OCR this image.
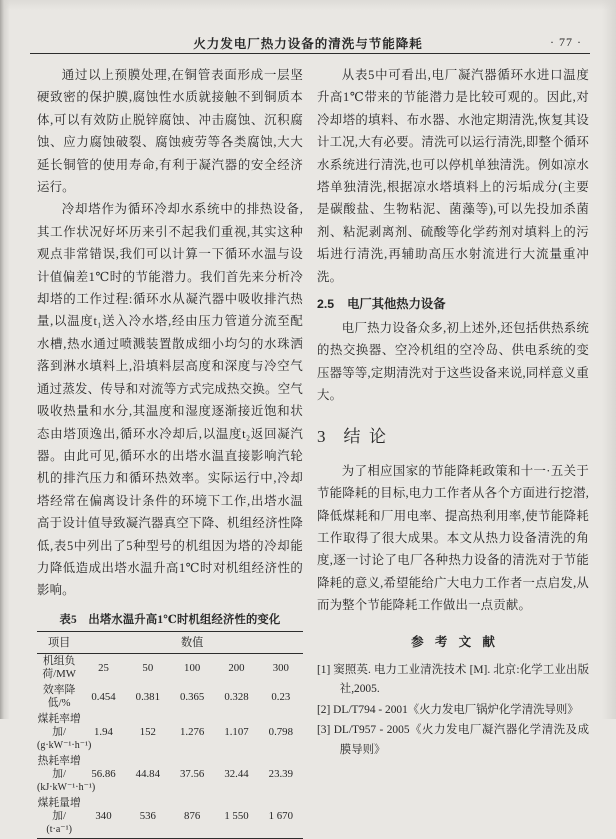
火力发电厂热力设备的清洗与节能降耗	· 77 ·

通过以上预膜处理,在铜管表面形成一层坚硬致密的保护膜,腐蚀性水质就接触不到铜质本体,可以有效防止脱锌腐蚀、冲击腐蚀、沉积腐蚀、应力腐蚀破裂、腐蚀疲劳等各类腐蚀,大大延长铜管的使用寿命,有利于凝汽器的安全经济运行。

冷却塔作为循环冷却水系统中的排热设备,其工作状况好坏历来引不起我们重视,其实这种观点非常错误,我们可以计算一下循环水温与设计值偏差1℃时的节能潜力。我们首先来分析冷却塔的工作过程:循环水从凝汽器中吸收排汽热量,以温度t₁送入冷水塔,经由压力管道分流至配水槽,热水通过喷溅装置散成细小均匀的水珠洒落到淋水填料上,沿填料层高度和深度与冷空气通过蒸发、传导和对流等方式完成热交换。空气吸收热量和水分,其温度和湿度逐渐接近饱和状态由塔顶逸出,循环水冷却后,以温度t₂返回凝汽器。由此可见,循环水的出塔水温直接影响汽轮机的排汽压力和循环热效率。实际运行中,冷却塔经常在偏离设计条件的环境下工作,出塔水温高于设计值导致凝汽器真空下降、机组经济性降低,表5中列出了5种型号的机组因为塔的冷却能力降低造成出塔水温升高1℃时对机组经济性的影响。

表5　出塔水温升高1℃时机组经济性的变化
项目	数值				

机组负荷/MW	25	50	100	200	300

效率降低/%	0.454	0.381	0.365	0.328	0.23

煤耗率增加/
(g·kW⁻¹·h⁻¹)	1.94	152	1.276	1.107	0.798

热耗率增加/
(kJ·kW⁻¹·h⁻¹)	56.86	44.84	37.56	32.44	23.39

煤耗量增加/
(t·a⁻¹)	340	536	876	1 550	1 670

从表5中可看出,电厂凝汽器循环水进口温度升高1℃带来的节能潜力是比较可观的。因此,对冷却塔的填料、布水器、水池定期清洗,恢复其设计工况,大有必要。清洗可以运行清洗,即整个循环水系统进行清洗,也可以停机单独清洗。例如凉水塔单独清洗,根据凉水塔填料上的污垢成分(主要是碳酸盐、生物粘泥、菌藻等),可以先投加杀菌剂、粘泥剥离剂、硫酸等化学药剂对填料上的污垢进行清洗,再辅助高压水射流进行大流量重冲洗。

2.5 电厂其他热力设备

电厂热力设备众多,初上述外,还包括供热系统的热交换器、空冷机组的空冷岛、供电系统的变压器等等,定期清洗对于这些设备来说,同样意义重大。

3 结论

为了相应国家的节能降耗政策和十一·五关于节能降耗的目标,电力工作者从各个方面进行挖潜,降低煤耗和厂用电率、提高热利用率,使节能降耗工作取得了很大成果。本文从热力设备清洗的角度,逐一讨论了电厂各种热力设备的清洗对于节能降耗的意义,希望能给广大电力工作者一点启发,从而为整个节能降耗工作做出一点贡献。

参考文献
[1] 窦照英. 电力工业清洗技术 [M]. 北京:化学工业出版社,2005.
[2] DL/T794 - 2001《火力发电厂锅炉化学清洗导则》
[3] DL/T957 - 2005《火力发电厂凝汽器化学清洗及成膜导则》
